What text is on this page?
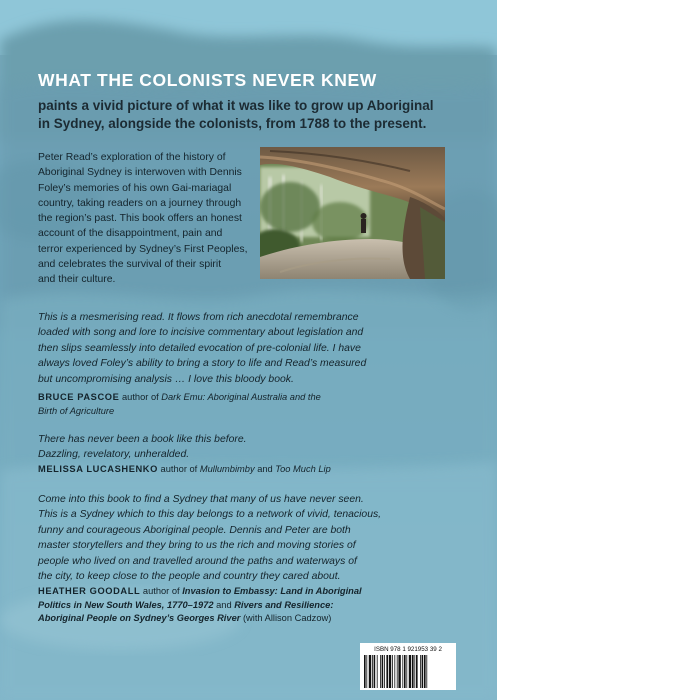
WHAT THE COLONISTS NEVER KNEW

paints a vivid picture of what it was like to grow up Aboriginal
in Sydney, alongside the colonists, from 1788 to the present.

Peter Read’s exploration of the history of
Aboriginal Sydney is interwoven with Dennis
Foley’s memories of his own Gai-mariagal
country, taking readers on a journey through
the region’s past. This book offers an honest
account of the disappointment, pain and
terror experienced by Sydney’s First Peoples,
and celebrates the survival of their spirit
and their culture.

This is a mesmerising read. It flows from rich anecdotal remembrance
loaded with song and lore to incisive commentary about legislation and
then slips seamlessly into detailed evocation of pre-colonial life. I have
always loved Foley’s ability to bring a story to life and Read’s measured
but uncompromising analysis … I love this bloody book.

BRUCE PASCOE author of Dark Emu: Aboriginal Australia and the
Birth of Agriculture

There has never been a book like this before.
Dazzling, revelatory, unheralded.

MELISSA LUCASHENKO author of Mullumbimby and Too Much Lip

Come into this book to find a Sydney that many of us have never seen.
This is a Sydney which to this day belongs to a network of vivid, tenacious,
funny and courageous Aboriginal people. Dennis and Peter are both
master storytellers and they bring to us the rich and moving stories of
people who lived on and travelled around the paths and waterways of
the city, to keep close to the people and country they cared about.

HEATHER GOODALL author of Invasion to Embassy: Land in Aboriginal
Politics in New South Wales, 1770–1972 and Rivers and Resilience:
Aboriginal People on Sydney’s Georges River (with Allison Cadzow)

ISBN 978 1 921953 39 2
